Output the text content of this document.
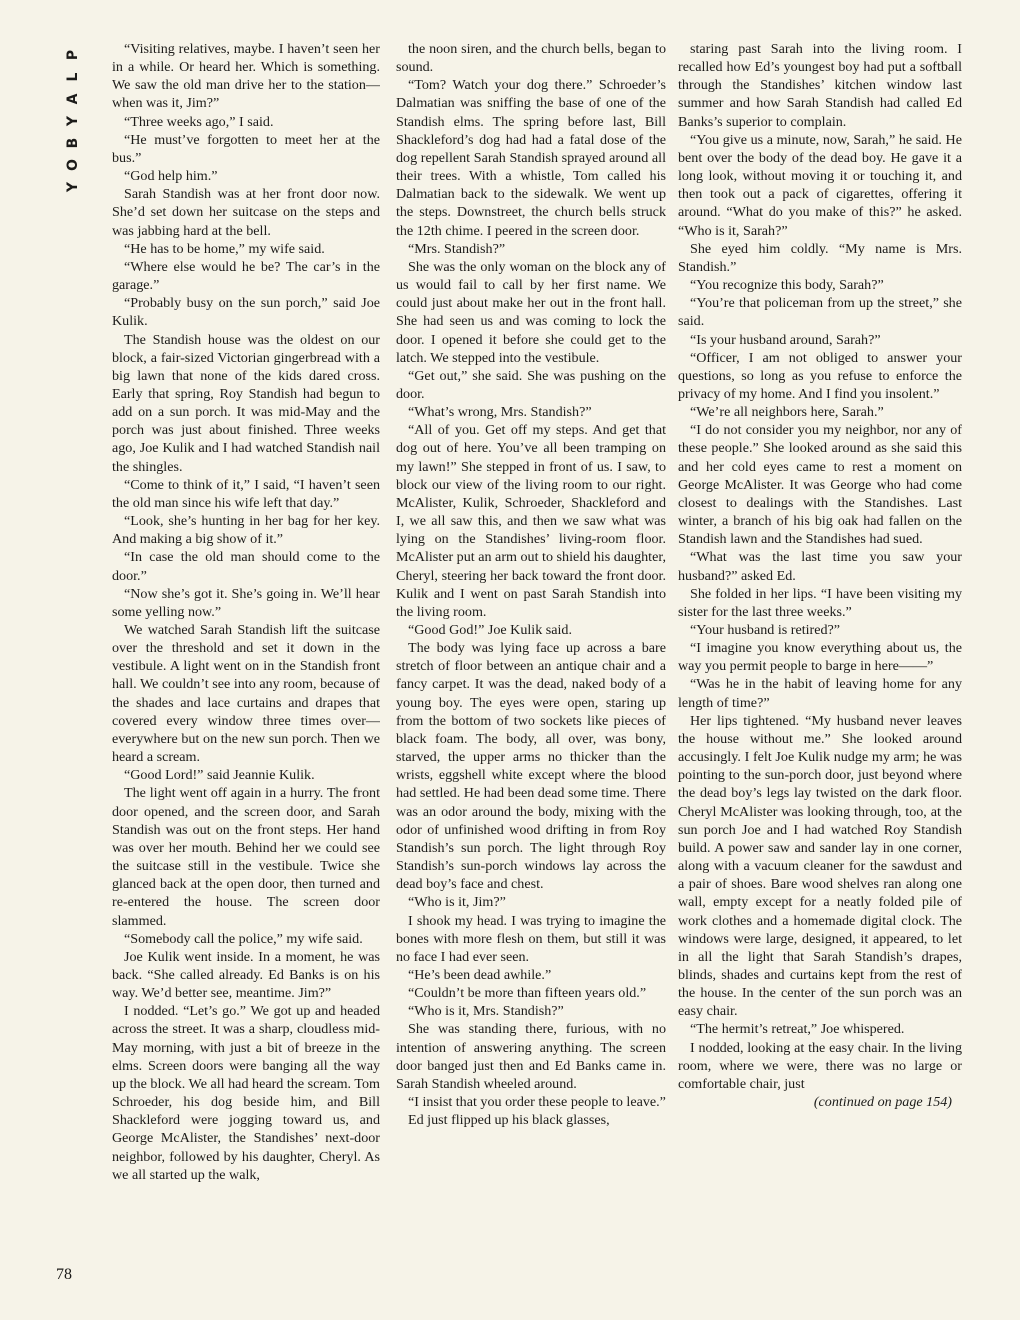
P
L
A
Y
B
O
Y

“Visiting relatives, maybe. I haven’t seen her in a while. Or heard her. Which is something. We saw the old man drive her to the station—when was it, Jim?”

“Three weeks ago,” I said.

“He must’ve forgotten to meet her at the bus.”

“God help him.”

Sarah Standish was at her front door now. She’d set down her suitcase on the steps and was jabbing hard at the bell.

“He has to be home,” my wife said.

“Where else would he be? The car’s in the garage.”

“Probably busy on the sun porch,” said Joe Kulik.

The Standish house was the oldest on our block, a fair-sized Victorian gingerbread with a big lawn that none of the kids dared cross. Early that spring, Roy Standish had begun to add on a sun porch. It was mid-May and the porch was just about finished. Three weeks ago, Joe Kulik and I had watched Standish nail the shingles.

“Come to think of it,” I said, “I haven’t seen the old man since his wife left that day.”

“Look, she’s hunting in her bag for her key. And making a big show of it.”

“In case the old man should come to the door.”

“Now she’s got it. She’s going in. We’ll hear some yelling now.”

We watched Sarah Standish lift the suitcase over the threshold and set it down in the vestibule. A light went on in the Standish front hall. We couldn’t see into any room, because of the shades and lace curtains and drapes that covered every window three times over—everywhere but on the new sun porch. Then we heard a scream.

“Good Lord!” said Jeannie Kulik.

The light went off again in a hurry. The front door opened, and the screen door, and Sarah Standish was out on the front steps. Her hand was over her mouth. Behind her we could see the suitcase still in the vestibule. Twice she glanced back at the open door, then turned and re-entered the house. The screen door slammed.

“Somebody call the police,” my wife said.

Joe Kulik went inside. In a moment, he was back. “She called already. Ed Banks is on his way. We’d better see, meantime. Jim?”

I nodded. “Let’s go.” We got up and headed across the street. It was a sharp, cloudless mid-May morning, with just a bit of breeze in the elms. Screen doors were banging all the way up the block. We all had heard the scream. Tom Schroeder, his dog beside him, and Bill Shackleford were jogging toward us, and George McAlister, the Standishes’ next-door neighbor, followed by his daughter, Cheryl. As we all started up the walk,

the noon siren, and the church bells, began to sound.

“Tom? Watch your dog there.” Schroeder’s Dalmatian was sniffing the base of one of the Standish elms. The spring before last, Bill Shackleford’s dog had had a fatal dose of the dog repellent Sarah Standish sprayed around all their trees. With a whistle, Tom called his Dalmatian back to the sidewalk. We went up the steps. Downstreet, the church bells struck the 12th chime. I peered in the screen door.

“Mrs. Standish?”

She was the only woman on the block any of us would fail to call by her first name. We could just about make her out in the front hall. She had seen us and was coming to lock the door. I opened it before she could get to the latch. We stepped into the vestibule.

“Get out,” she said. She was pushing on the door.

“What’s wrong, Mrs. Standish?”

“All of you. Get off my steps. And get that dog out of here. You’ve all been tramping on my lawn!” She stepped in front of us. I saw, to block our view of the living room to our right. McAlister, Kulik, Schroeder, Shackleford and I, we all saw this, and then we saw what was lying on the Standishes’ living-room floor. McAlister put an arm out to shield his daughter, Cheryl, steering her back toward the front door. Kulik and I went on past Sarah Standish into the living room.

“Good God!” Joe Kulik said.

The body was lying face up across a bare stretch of floor between an antique chair and a fancy carpet. It was the dead, naked body of a young boy. The eyes were open, staring up from the bottom of two sockets like pieces of black foam. The body, all over, was bony, starved, the upper arms no thicker than the wrists, eggshell white except where the blood had settled. He had been dead some time. There was an odor around the body, mixing with the odor of unfinished wood drifting in from Roy Standish’s sun porch. The light through Roy Standish’s sun-porch windows lay across the dead boy’s face and chest.

“Who is it, Jim?”

I shook my head. I was trying to imagine the bones with more flesh on them, but still it was no face I had ever seen.

“He’s been dead awhile.”

“Couldn’t be more than fifteen years old.”

“Who is it, Mrs. Standish?”

She was standing there, furious, with no intention of answering anything. The screen door banged just then and Ed Banks came in. Sarah Standish wheeled around.

“I insist that you order these people to leave.”

Ed just flipped up his black glasses,

staring past Sarah into the living room. I recalled how Ed’s youngest boy had put a softball through the Standishes’ kitchen window last summer and how Sarah Standish had called Ed Banks’s superior to complain.

“You give us a minute, now, Sarah,” he said. He bent over the body of the dead boy. He gave it a long look, without moving it or touching it, and then took out a pack of cigarettes, offering it around. “What do you make of this?” he asked. “Who is it, Sarah?”

She eyed him coldly. “My name is Mrs. Standish.”

“You recognize this body, Sarah?”

“You’re that policeman from up the street,” she said.

“Is your husband around, Sarah?”

“Officer, I am not obliged to answer your questions, so long as you refuse to enforce the privacy of my home. And I find you insolent.”

“We’re all neighbors here, Sarah.”

“I do not consider you my neighbor, nor any of these people.” She looked around as she said this and her cold eyes came to rest a moment on George McAlister. It was George who had come closest to dealings with the Standishes. Last winter, a branch of his big oak had fallen on the Standish lawn and the Standishes had sued.

“What was the last time you saw your husband?” asked Ed.

She folded in her lips. “I have been visiting my sister for the last three weeks.”

“Your husband is retired?”

“I imagine you know everything about us, the way you permit people to barge in here——”

“Was he in the habit of leaving home for any length of time?”

Her lips tightened. “My husband never leaves the house without me.” She looked around accusingly. I felt Joe Kulik nudge my arm; he was pointing to the sun-porch door, just beyond where the dead boy’s legs lay twisted on the dark floor. Cheryl McAlister was looking through, too, at the sun porch Joe and I had watched Roy Standish build. A power saw and sander lay in one corner, along with a vacuum cleaner for the sawdust and a pair of shoes. Bare wood shelves ran along one wall, empty except for a neatly folded pile of work clothes and a homemade digital clock. The windows were large, designed, it appeared, to let in all the light that Sarah Standish’s drapes, blinds, shades and curtains kept from the rest of the house. In the center of the sun porch was an easy chair.

“The hermit’s retreat,” Joe whispered.

I nodded, looking at the easy chair. In the living room, where we were, there was no large or comfortable chair, just

(continued on page 154)

78
